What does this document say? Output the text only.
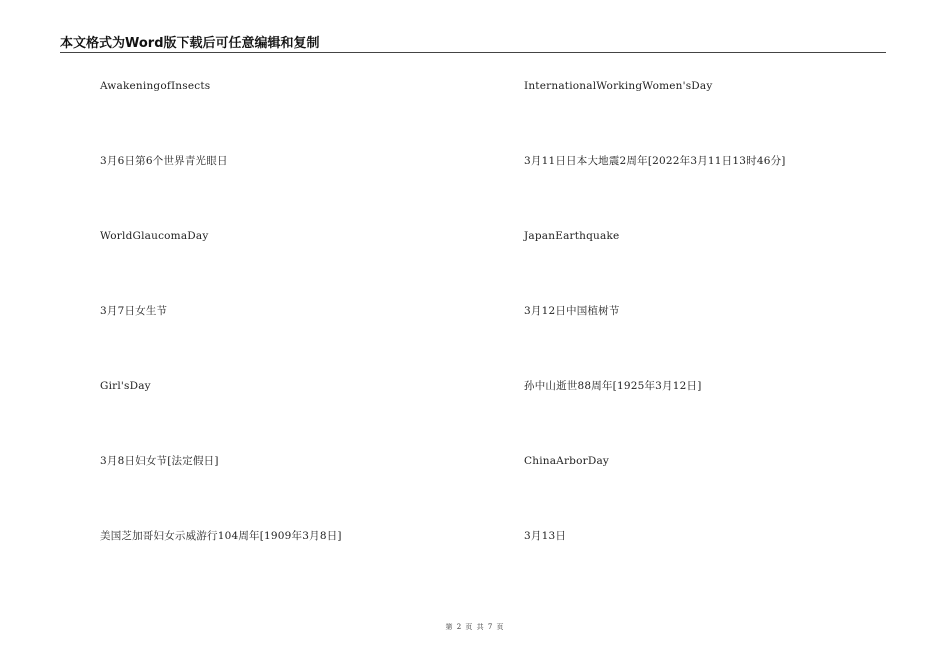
本文格式为Word版下载后可任意编辑和复制
AwakeningofInsects
3月6日第6个世界青光眼日
WorldGlaucomaDay
3月7日女生节
Girl'sDay
3月8日妇女节[法定假日]
美国芝加哥妇女示威游行104周年[1909年3月8日]
InternationalWorkingWomen'sDay
3月11日日本大地震2周年[2022年3月11日13时46分]
JapanEarthquake
3月12日中国植树节
孙中山逝世88周年[1925年3月12日]
ChinaArborDay
3月13日
第 2 页 共 7 页
